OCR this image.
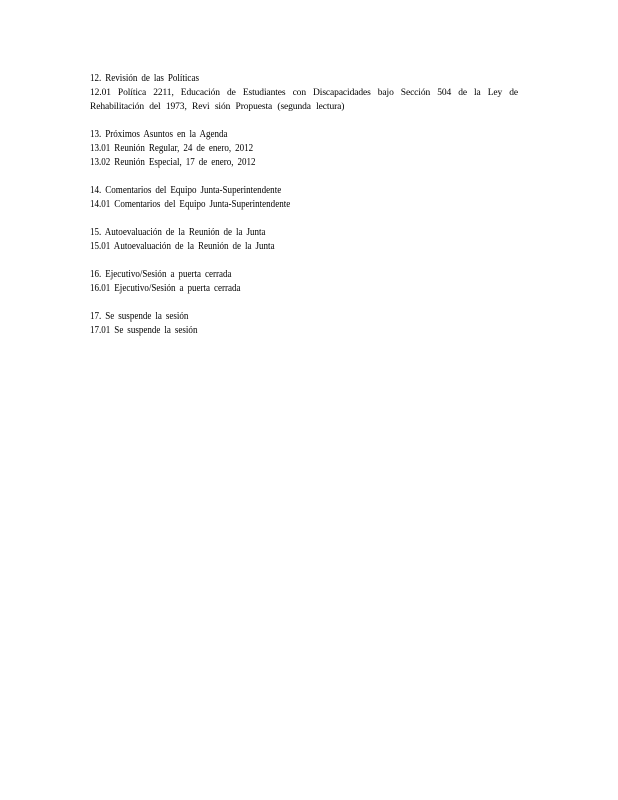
12. Revisión de las Políticas
12.01 Política 2211, Educación de Estudiantes con Discapacidades bajo Sección 504 de la Ley de Rehabilitación del 1973, Revi sión Propuesta (segunda lectura)
13. Próximos Asuntos en la Agenda
13.01 Reunión Regular, 24 de enero, 2012
13.02 Reunión Especial, 17 de enero, 2012
14. Comentarios del Equipo Junta-Superintendente
14.01 Comentarios del Equipo Junta-Superintendente
15. Autoevaluación de la Reunión de la Junta
15.01 Autoevaluación de la Reunión de la Junta
16. Ejecutivo/Sesión a puerta cerrada
16.01 Ejecutivo/Sesión a puerta cerrada
17. Se suspende la sesión
17.01 Se suspende la sesión
